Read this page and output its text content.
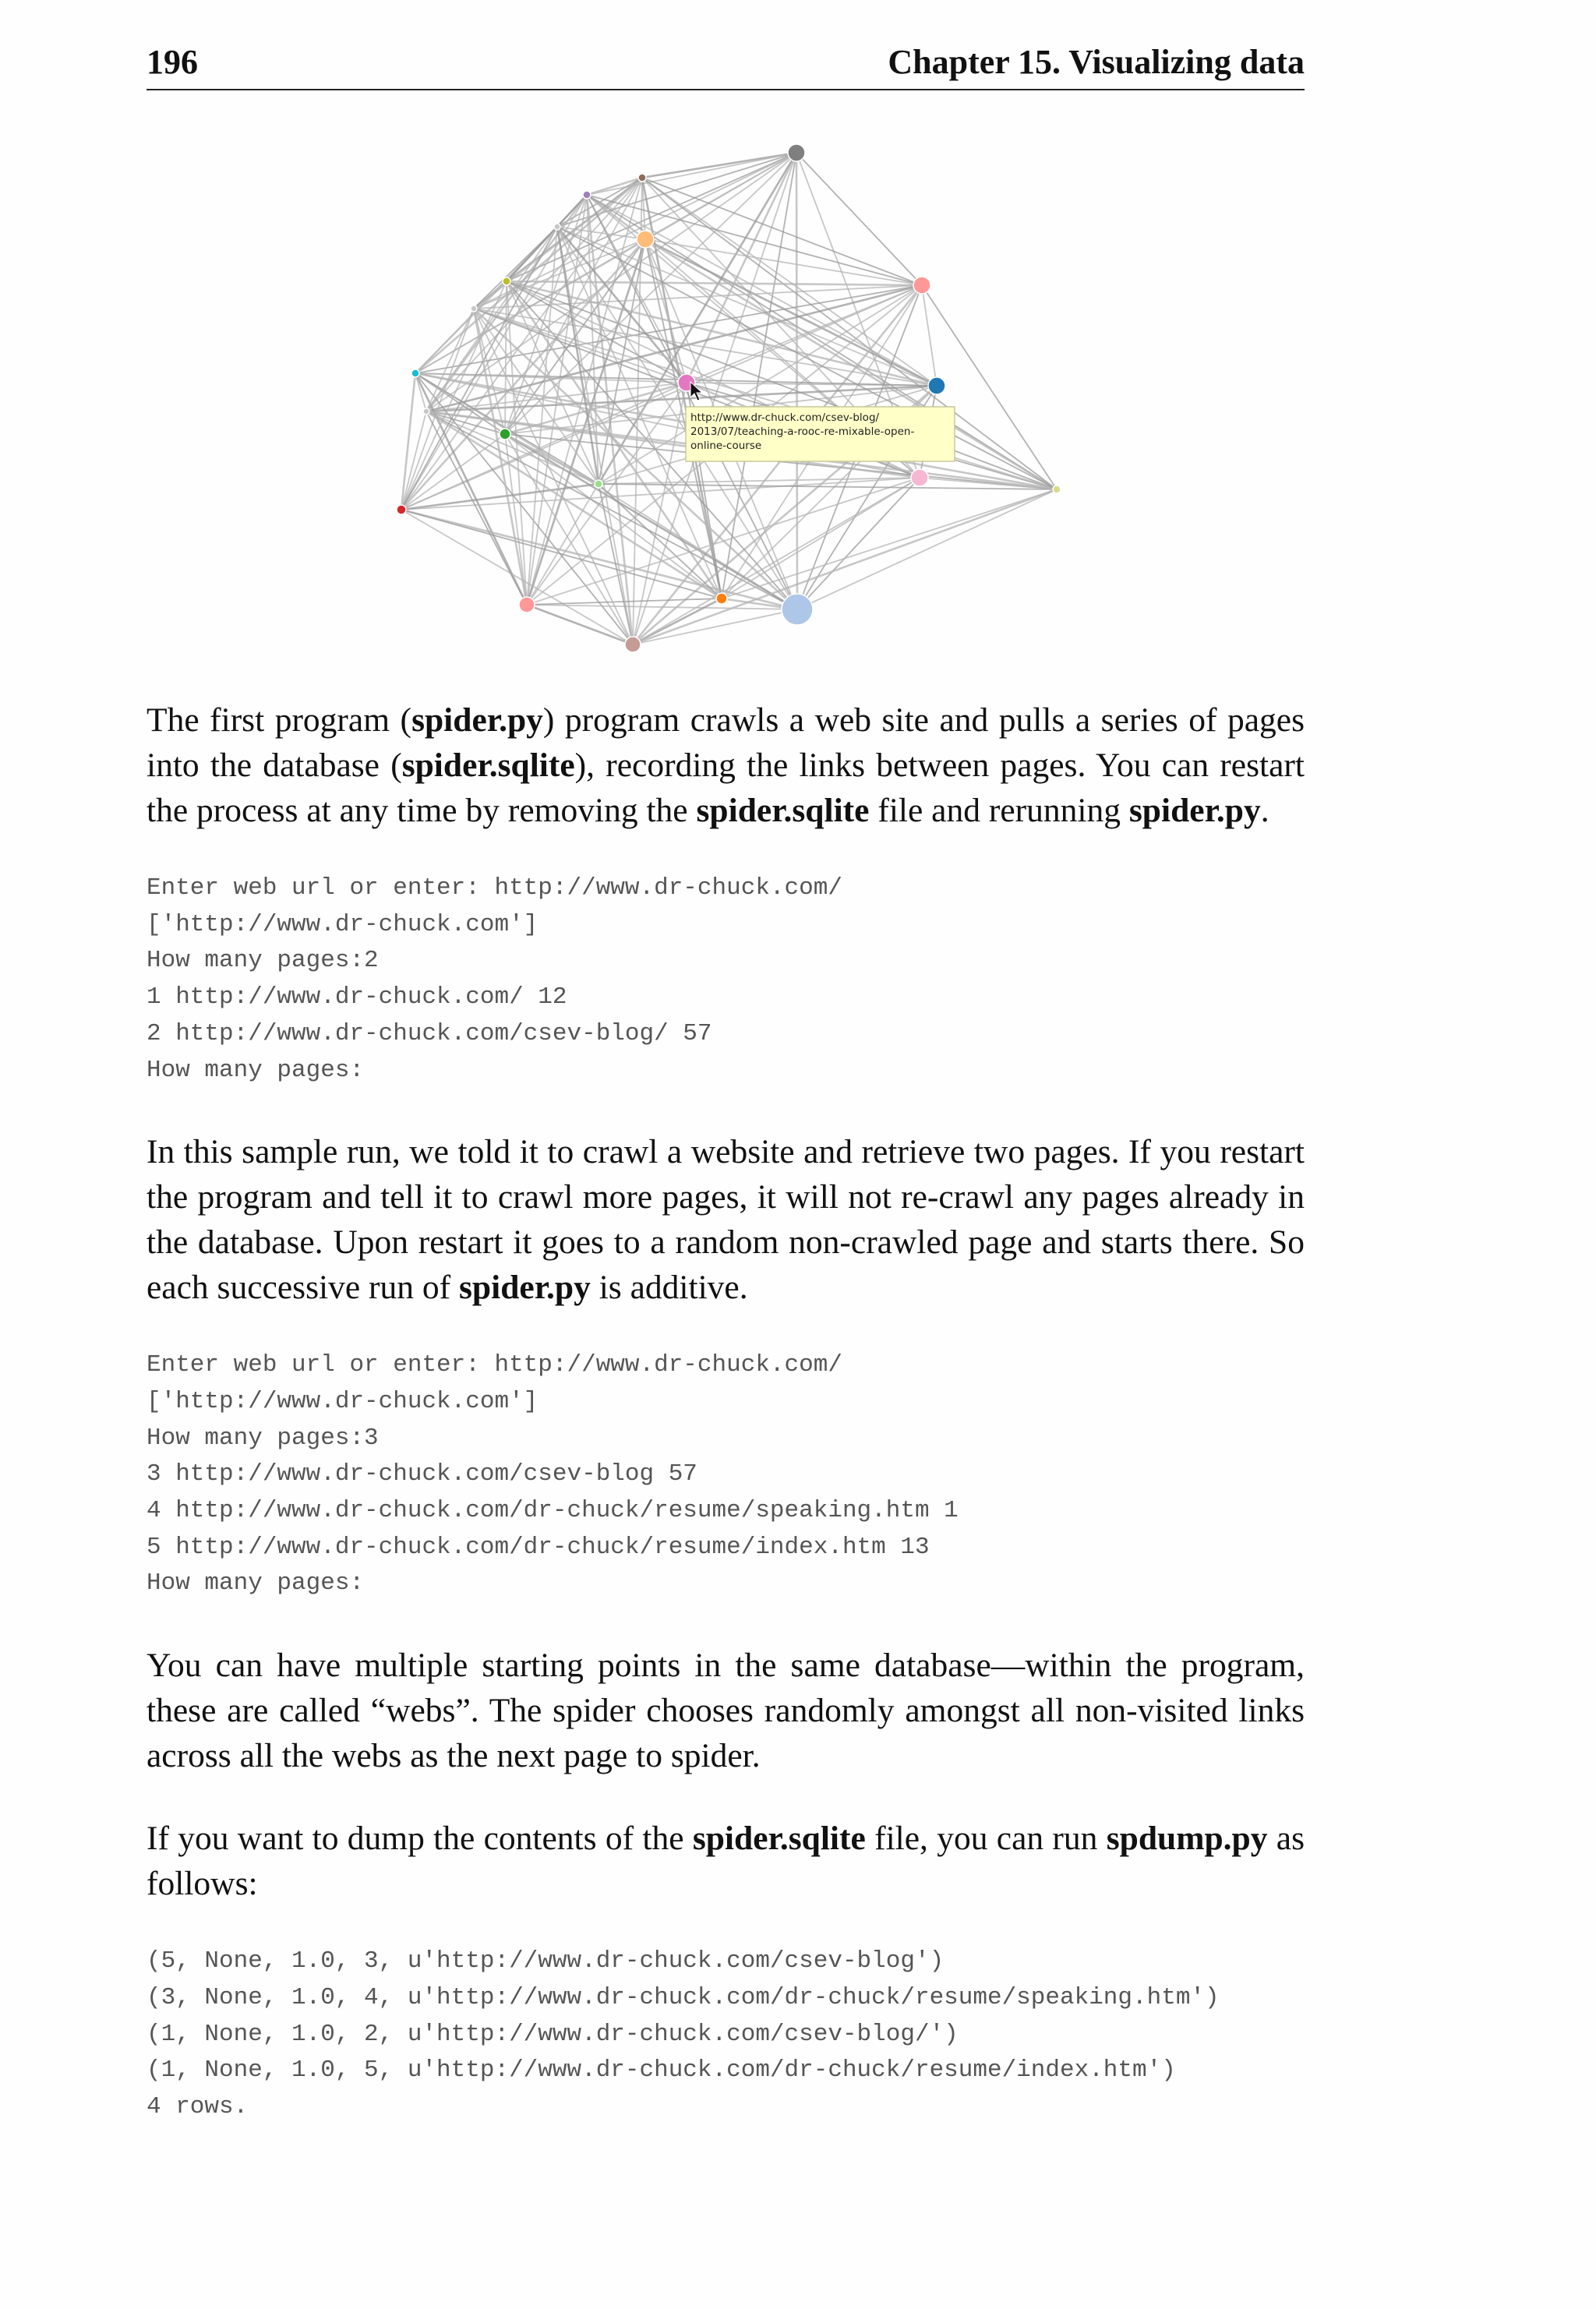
196	Chapter 15. Visualizing data
http://www.dr-chuck.com/csev-blog/ 2013/07/teaching-a-rooc-re-mixable-open- online-course

The first program (spider.py) program crawls a web site and pulls a series of pages into the database (spider.sqlite), recording the links between pages. You can restart the process at any time by removing the spider.sqlite file and rerunning spider.py.

Enter web url or enter: http://www.dr-chuck.com/
['http://www.dr-chuck.com']
How many pages:2
1 http://www.dr-chuck.com/ 12
2 http://www.dr-chuck.com/csev-blog/ 57
How many pages:

In this sample run, we told it to crawl a website and retrieve two pages. If you restart the program and tell it to crawl more pages, it will not re-crawl any pages already in the database. Upon restart it goes to a random non-crawled page and starts there. So each successive run of spider.py is additive.

Enter web url or enter: http://www.dr-chuck.com/
['http://www.dr-chuck.com']
How many pages:3
3 http://www.dr-chuck.com/csev-blog 57
4 http://www.dr-chuck.com/dr-chuck/resume/speaking.htm 1
5 http://www.dr-chuck.com/dr-chuck/resume/index.htm 13
How many pages:

You can have multiple starting points in the same database—within the program, these are called “webs”. The spider chooses randomly amongst all non-visited links across all the webs as the next page to spider.

If you want to dump the contents of the spider.sqlite file, you can run spdump.py as follows:

(5, None, 1.0, 3, u'http://www.dr-chuck.com/csev-blog')
(3, None, 1.0, 4, u'http://www.dr-chuck.com/dr-chuck/resume/speaking.htm')
(1, None, 1.0, 2, u'http://www.dr-chuck.com/csev-blog/')
(1, None, 1.0, 5, u'http://www.dr-chuck.com/dr-chuck/resume/index.htm')
4 rows.
